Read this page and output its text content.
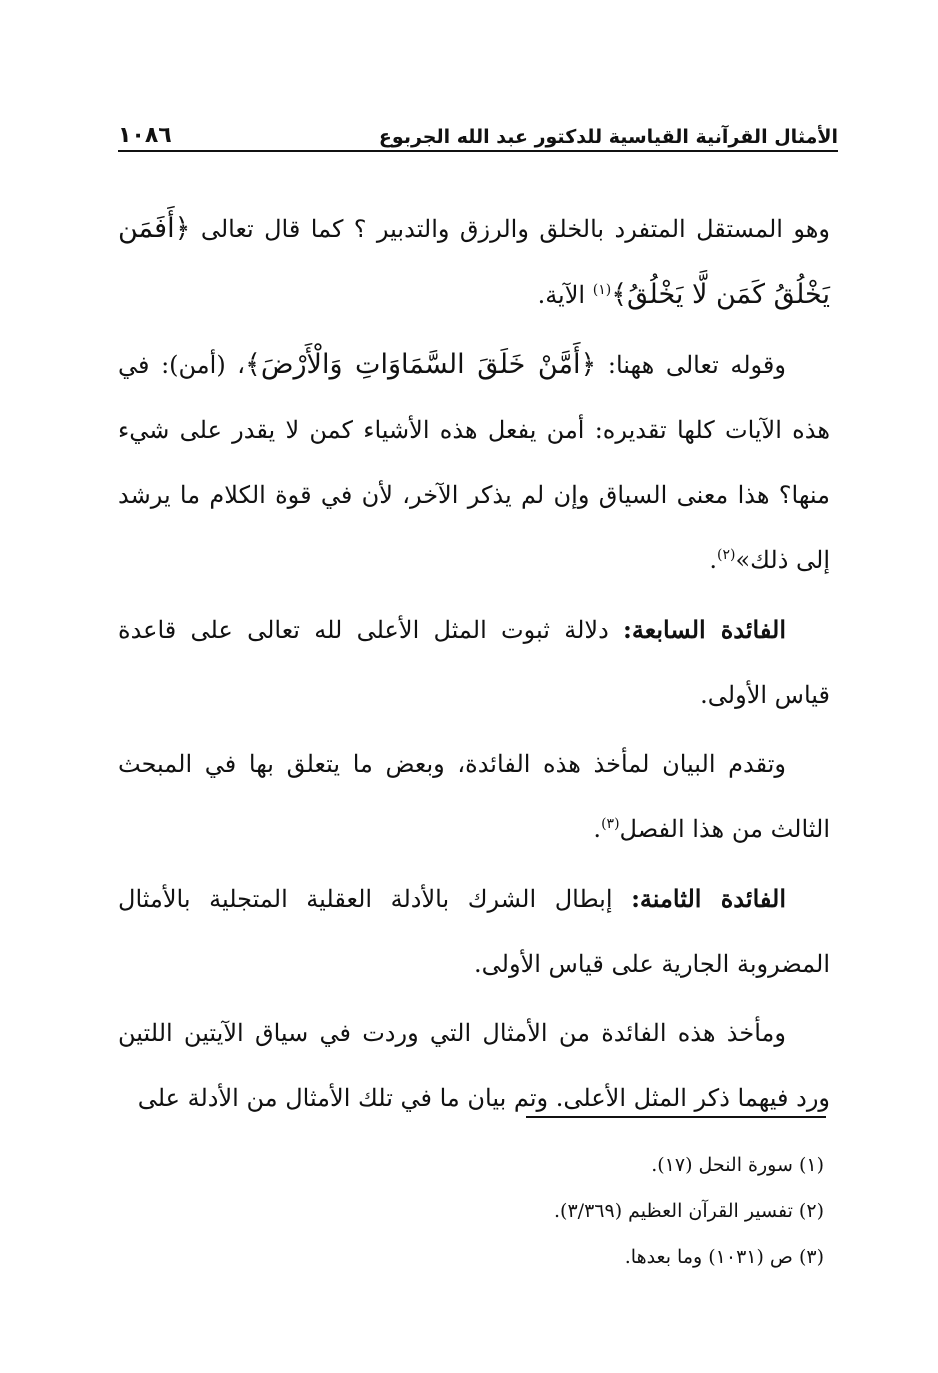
الأمثال القرآنية القياسية للدكتور عبد الله الجربوع
١٠٨٦

وهو المستقل المتفرد بالخلق والرزق والتدبير ؟ كما قال تعالى ﴿أَفَمَن يَخْلُقُ كَمَن لَّا يَخْلُقُ﴾$^{(١)}$ الآية.

وقوله تعالى ههنا: ﴿أَمَّنْ خَلَقَ السَّمَاوَاتِ وَالْأَرْضَ﴾، (أمن): في هذه الآيات كلها تقديره: أمن يفعل هذه الأشياء كمن لا يقدر على شيء منها؟ هذا معنى السياق وإن لم يذكر الآخر، لأن في قوة الكلام ما يرشد إلى ذلك»$^{(٢)}$.

الفائدة السابعة: دلالة ثبوت المثل الأعلى لله تعالى على قاعدة قياس الأولى.

وتقدم البيان لمأخذ هذه الفائدة، وبعض ما يتعلق بها في المبحث الثالث من هذا الفصل$^{(٣)}$.

الفائدة الثامنة: إبطال الشرك بالأدلة العقلية المتجلية بالأمثال المضروبة الجارية على قياس الأولى.

ومأخذ هذه الفائدة من الأمثال التي وردت في سياق الآيتين اللتين ورد فيهما ذكر المثل الأعلى. وتم بيان ما في تلك الأمثال من الأدلة على

(١) سورة النحل (١٧).

(٢) تفسير القرآن العظيم (٣/٣٦٩).

(٣) ص (١٠٣١) وما بعدها.
